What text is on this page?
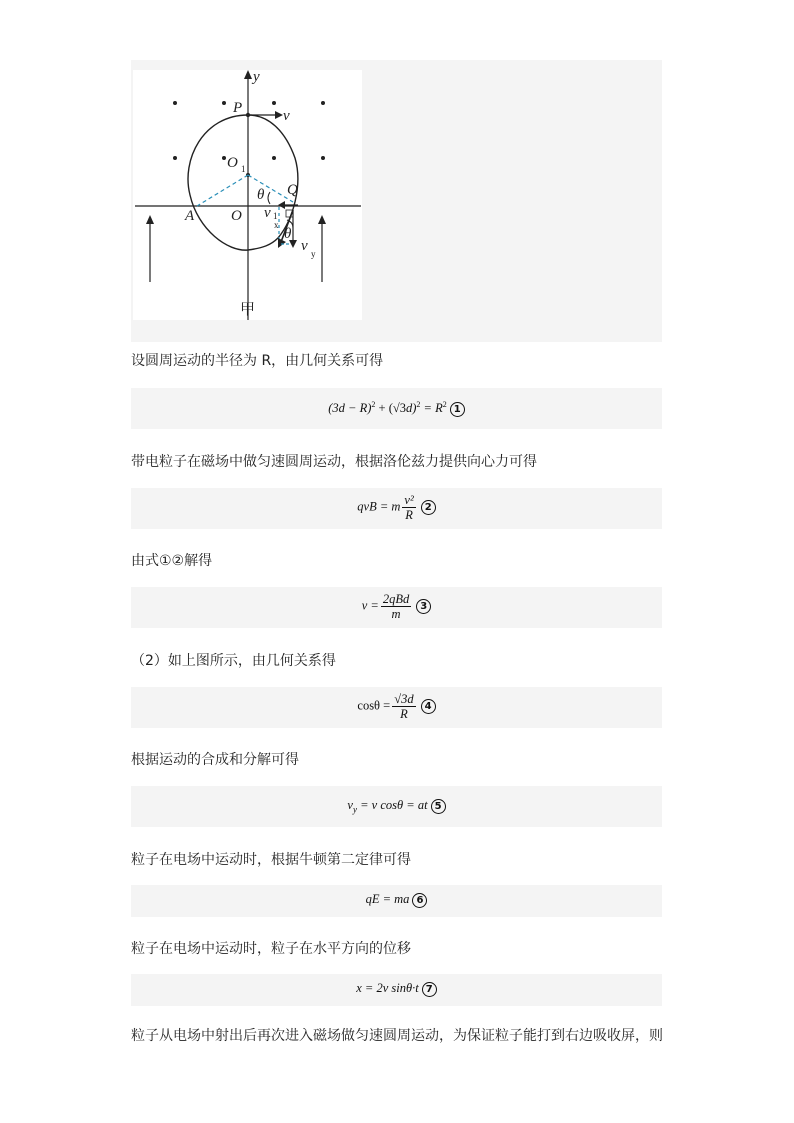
y
P	v
O
θ Q
A O v
θ
v
1
1
x
y
甲
设圆周运动的半径为 R，由几何关系可得
$(3d - R)^2 + (√3d)^2 = R^2$ 1
带电粒子在磁场中做匀速圆周运动，根据洛伦兹力提供向心力可得
qvB = m $\frac{\text{v²}}{R} 2$
由式①②解得
$v = \frac{\text{2qBd}}{m} 3$
（2）如上图所示，由几何关系得
$\cos\theta = \frac{√3d}{R} 4$
根据运动的合成和分解可得
$v_y = v$ cosθ = at 5
粒子在电场中运动时，根据牛顿第二定律可得
qE = ma 6
粒子在电场中运动时，粒子在水平方向的位移
x = 2v sinθ·t 7
粒子从电场中射出后再次进入磁场做匀速圆周运动，为保证粒子能打到右边吸收屏，则
